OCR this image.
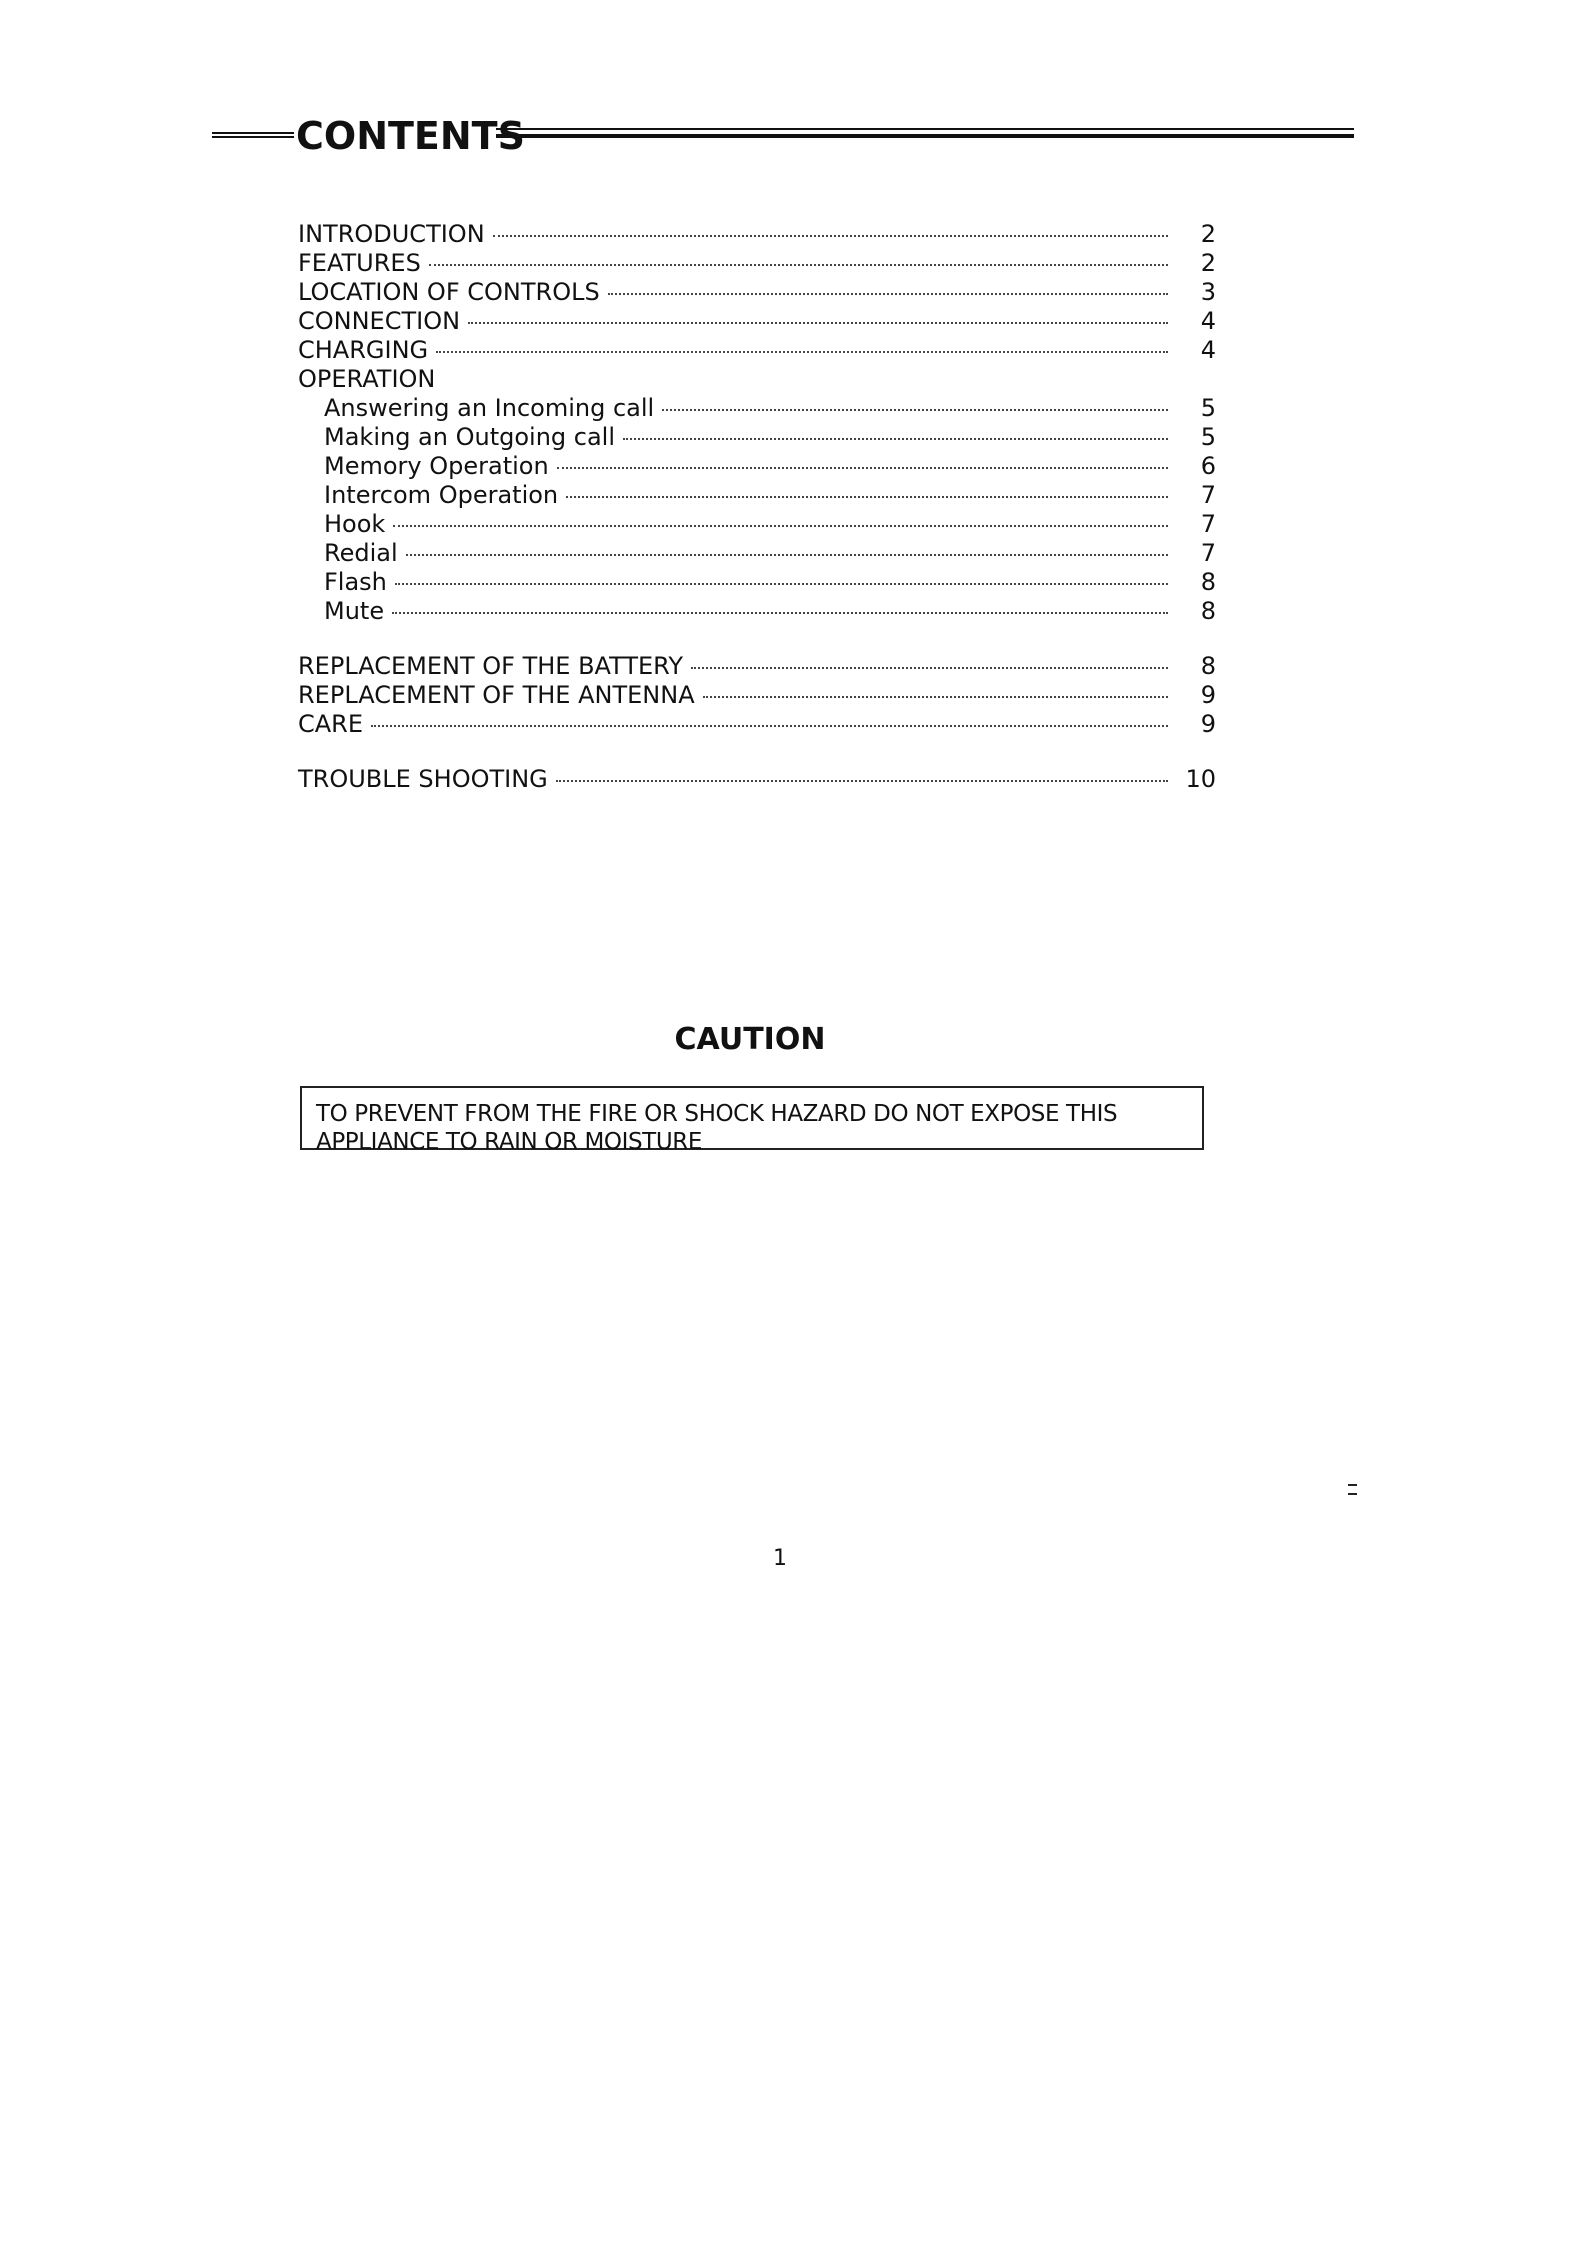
CONTENTS
INTRODUCTION	2
FEATURES	2
LOCATION OF CONTROLS	3
CONNECTION	4
CHARGING	4
OPERATION
Answering an Incoming call	5
Making an Outgoing call	5
Memory Operation	6
Intercom Operation	7
Hook	7
Redial	7
Flash	8
Mute	8
REPLACEMENT OF THE BATTERY	8
REPLACEMENT OF THE ANTENNA	9
CARE	9
TROUBLE SHOOTING	10
CAUTION
TO PREVENT FROM THE FIRE OR SHOCK HAZARD DO NOT EXPOSE THIS APPLIANCE TO RAIN OR MOISTURE
1
